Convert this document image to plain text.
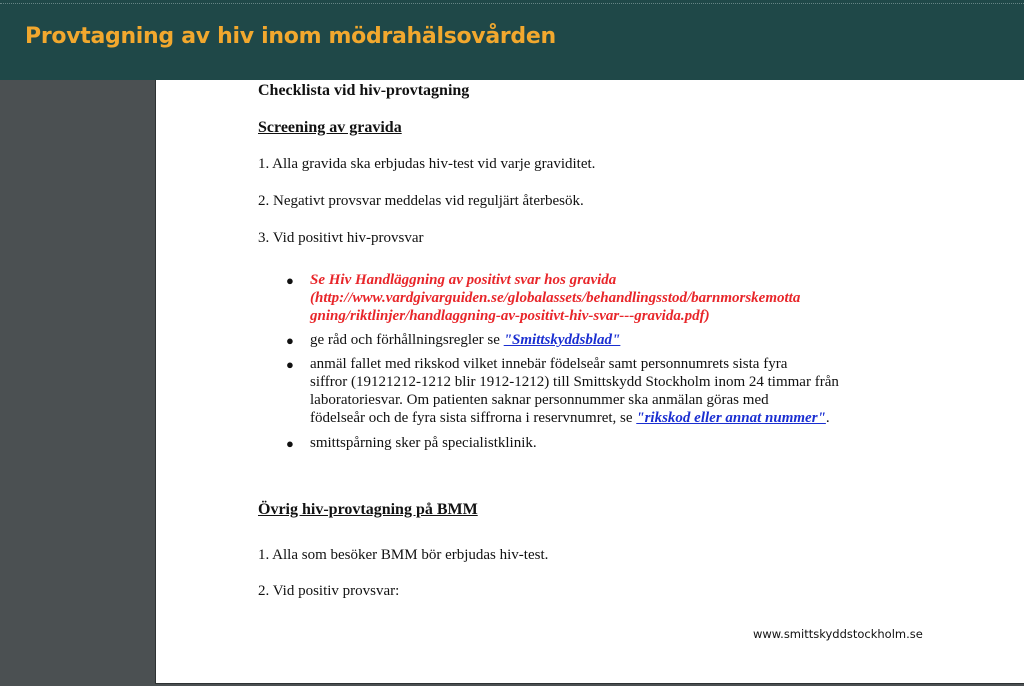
Provtagning av hiv inom mödrahälsovården
Checklista vid hiv-provtagning
Screening av gravida
1. Alla gravida ska erbjudas hiv-test vid varje graviditet.
2. Negativt provsvar meddelas vid reguljärt återbesök.
3. Vid positivt hiv-provsvar
● Se Hiv Handläggning av positivt svar hos gravida
(http://www.vardgivarguiden.se/globalassets/behandlingsstod/barnmorskemotta
gning/riktlinjer/handlaggning-av-positivt-hiv-svar---gravida.pdf)
● ge råd och förhållningsregler se "Smittskyddsblad"
● anmäl fallet med rikskod vilket innebär födelseår samt personnumrets sista fyra
siffror (19121212-1212 blir 1912-1212) till Smittskydd Stockholm inom 24 timmar från
laboratoriesvar. Om patienten saknar personnummer ska anmälan göras med
födelseår och de fyra sista siffrorna i reservnumret, se "rikskod eller annat nummer".
● smittspårning sker på specialistklinik.
Övrig hiv-provtagning på BMM
1. Alla som besöker BMM bör erbjudas hiv-test.
2. Vid positiv provsvar:
www.smittskyddstockholm.se
